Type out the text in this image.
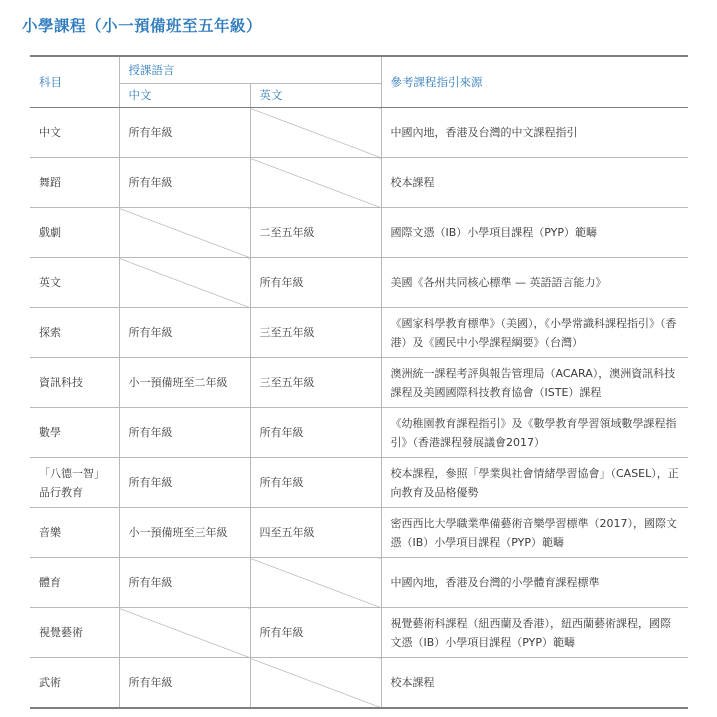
小學課程（小一預備班至五年級）
科目	授課語言		參考課程指引來源
	中文	英文	
中文	所有年級		中國內地，香港及台灣的中文課程指引
舞蹈	所有年級		校本課程
戲劇		二至五年級	國際文憑（IB）小學項目課程（PYP）範疇
英文		所有年級	美國《各州共同核心標準 — 英語語言能力》
探索	所有年級	三至五年級	《國家科學教育標準》（美國），《小學常識科課程指引》（香港）及《國民中小學課程綱要》（台灣）
資訊科技	小一預備班至二年級	三至五年級	澳洲統一課程考評與報告管理局（ACARA），澳洲資訊科技課程及美國國際科技教育協會（ISTE）課程
數學	所有年級	所有年級	《幼稚園教育課程指引》及《數學教育學習領域數學課程指引》（香港課程發展議會2017）
「八德一智」品行教育	所有年級	所有年級	校本課程，參照「學業與社會情緒學習協會」（CASEL），正向教育及品格優勢
音樂	小一預備班至三年級	四至五年級	密西西比大學職業準備藝術音樂學習標準（2017），國際文憑（IB）小學項目課程（PYP）範疇
體育	所有年級		中國內地，香港及台灣的小學體育課程標準
視覺藝術		所有年級	視覺藝術科課程（紐西蘭及香港），紐西蘭藝術課程，國際文憑（IB）小學項目課程（PYP）範疇
武術	所有年級		校本課程
